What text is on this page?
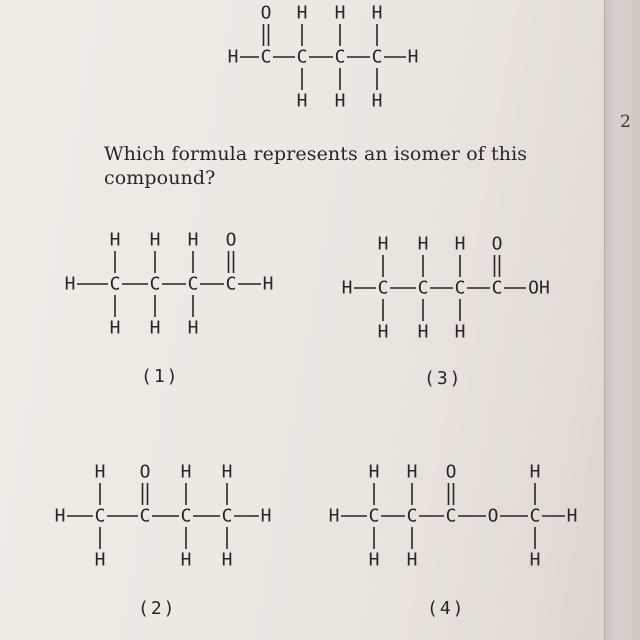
2
Which formula represents an isomer of this
compound?
(1)	(3)
(2)	(4)
H C
O
C
H
H
C
H
H
C
H
H
H
H C
H
H
C
H
H
C
H
H
C
O
H	H C
H
H
C
H
H
C
H
H
C
O
OH
H C
H
H
C
O
C
H
H
C
H
H
H	H C
H
H
C
H
H
C
O
O C
H
H
H
